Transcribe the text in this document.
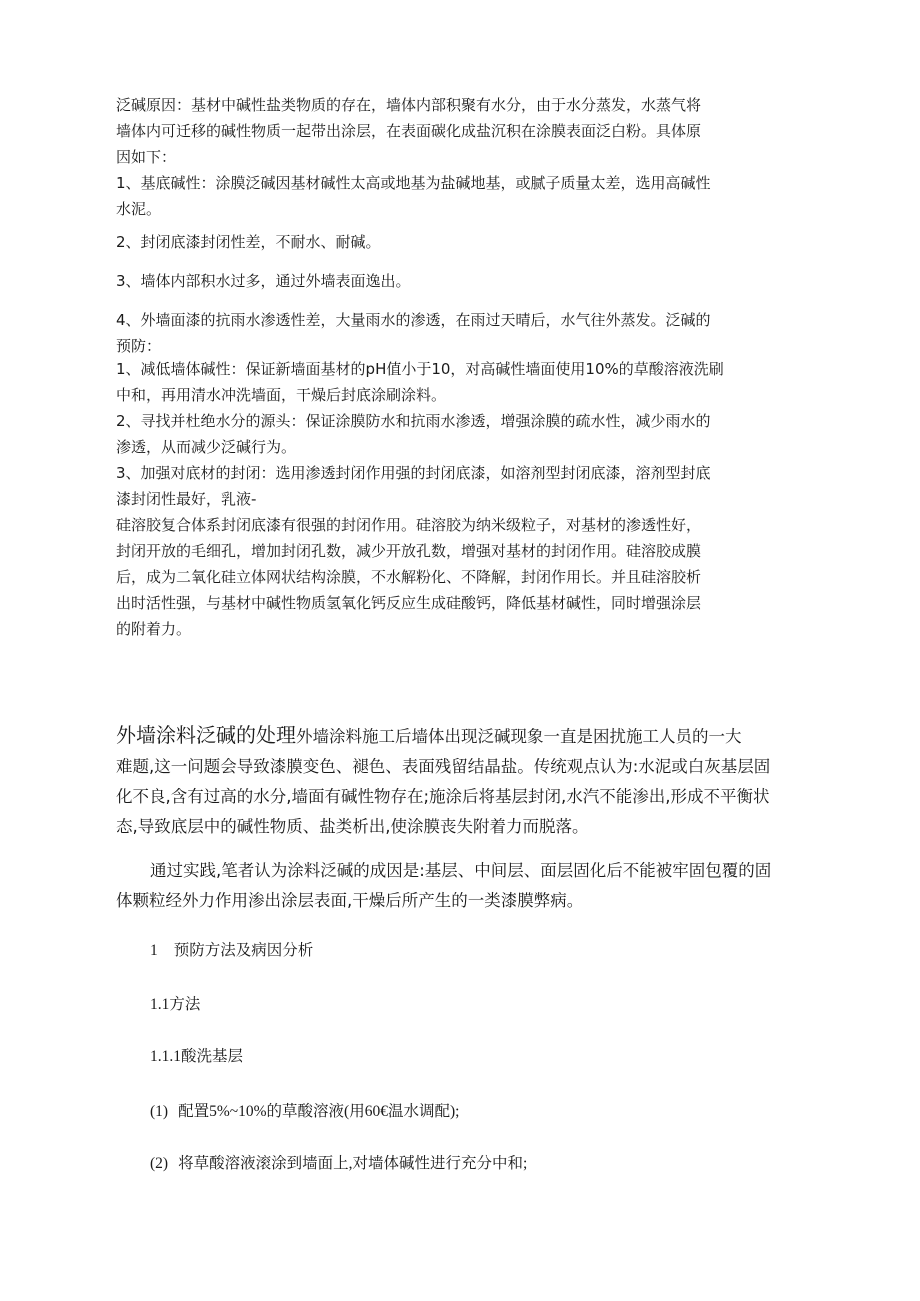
泛碱原因：基材中碱性盐类物质的存在，墙体内部积聚有水分，由于水分蒸发，水蒸气将
墙体内可迁移的碱性物质一起带出涂层，在表面碳化成盐沉积在涂膜表面泛白粉。具体原
因如下：
1、基底碱性：涂膜泛碱因基材碱性太高或地基为盐碱地基，或腻子质量太差，选用高碱性
水泥。
2、封闭底漆封闭性差，不耐水、耐碱。
3、墙体内部积水过多，通过外墙表面逸出。
4、外墙面漆的抗雨水渗透性差，大量雨水的渗透，在雨过天晴后，水气往外蒸发。泛碱的
预防：
1、减低墙体碱性：保证新墙面基材的pH值小于10，对高碱性墙面使用10%的草酸溶液洗刷
中和，再用清水冲洗墙面，干燥后封底涂刷涂料。
2、寻找并杜绝水分的源头：保证涂膜防水和抗雨水渗透，增强涂膜的疏水性，减少雨水的
渗透，从而减少泛碱行为。
3、加强对底材的封闭：选用渗透封闭作用强的封闭底漆，如溶剂型封闭底漆，溶剂型封底
漆封闭性最好，乳液-
硅溶胶复合体系封闭底漆有很强的封闭作用。硅溶胶为纳米级粒子，对基材的渗透性好，
封闭开放的毛细孔，增加封闭孔数，减少开放孔数，增强对基材的封闭作用。硅溶胶成膜
后，成为二氧化硅立体网状结构涂膜，不水解粉化、不降解，封闭作用长。并且硅溶胶析
出时活性强，与基材中碱性物质氢氧化钙反应生成硅酸钙，降低基材碱性，同时增强涂层
的附着力。
外墙涂料泛碱的处理外墙涂料施工后墙体出现泛碱现象一直是困扰施工人员的一大
难题,这一问题会导致漆膜变色、褪色、表面残留结晶盐。传统观点认为:水泥或白灰基层固
化不良,含有过高的水分,墙面有碱性物存在;施涂后将基层封闭,水汽不能渗出,形成不平衡状
态,导致底层中的碱性物质、盐类析出,使涂膜丧失附着力而脱落。
通过实践,笔者认为涂料泛碱的成因是:基层、中间层、面层固化后不能被牢固包覆的固
体颗粒经外力作用渗出涂层表面,干燥后所产生的一类漆膜弊病。
1 预防方法及病因分析
1.1方法
1.1.1酸洗基层
(1) 配置5%~10%的草酸溶液(用60€温水调配);
(2) 将草酸溶液滚涂到墙面上,对墙体碱性进行充分中和;
